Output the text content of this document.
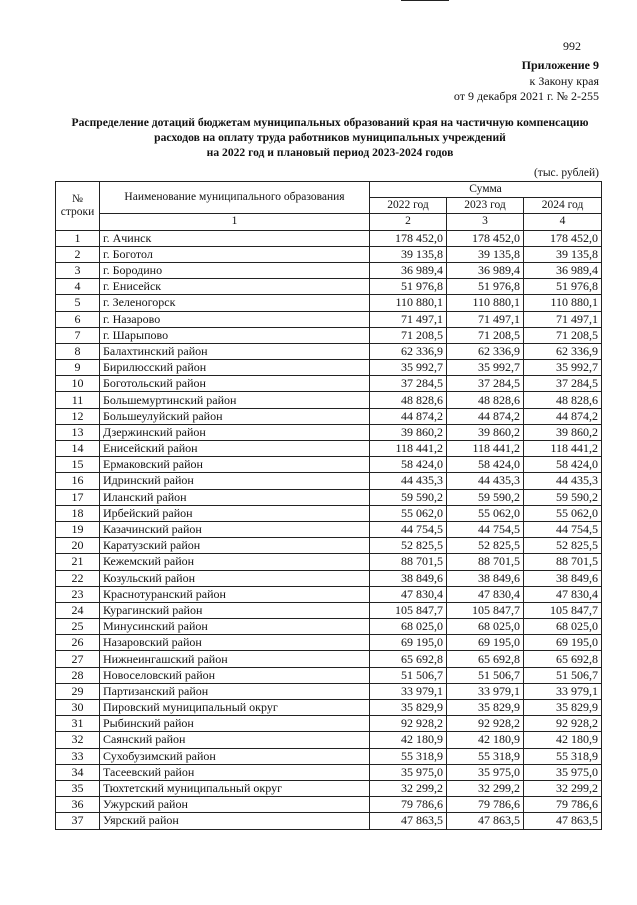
992
Приложение 9
к Закону края
от 9 декабря 2021 г. № 2-255
Распределение дотаций бюджетам муниципальных образований края на частичную компенсацию
расходов на оплату труда работников муниципальных учреждений
на 2022 год и плановый период 2023-2024 годов
(тыс. рублей)
№ строки	Наименование муниципального образования	Сумма		
		2022 год	2023 год	2024 год
	1	2	3	4
1	г. Ачинск	178 452,0	178 452,0	178 452,0
2	г. Боготол	39 135,8	39 135,8	39 135,8
3	г. Бородино	36 989,4	36 989,4	36 989,4
4	г. Енисейск	51 976,8	51 976,8	51 976,8
5	г. Зеленогорск	110 880,1	110 880,1	110 880,1
6	г. Назарово	71 497,1	71 497,1	71 497,1
7	г. Шарыпово	71 208,5	71 208,5	71 208,5
8	Балахтинский район	62 336,9	62 336,9	62 336,9
9	Бирилюсский район	35 992,7	35 992,7	35 992,7
10	Боготольский район	37 284,5	37 284,5	37 284,5
11	Большемуртинский район	48 828,6	48 828,6	48 828,6
12	Большеулуйский район	44 874,2	44 874,2	44 874,2
13	Дзержинский район	39 860,2	39 860,2	39 860,2
14	Енисейский район	118 441,2	118 441,2	118 441,2
15	Ермаковский район	58 424,0	58 424,0	58 424,0
16	Идринский район	44 435,3	44 435,3	44 435,3
17	Иланский район	59 590,2	59 590,2	59 590,2
18	Ирбейский район	55 062,0	55 062,0	55 062,0
19	Казачинский район	44 754,5	44 754,5	44 754,5
20	Каратузский район	52 825,5	52 825,5	52 825,5
21	Кежемский район	88 701,5	88 701,5	88 701,5
22	Козульский район	38 849,6	38 849,6	38 849,6
23	Краснотуранский район	47 830,4	47 830,4	47 830,4
24	Курагинский район	105 847,7	105 847,7	105 847,7
25	Минусинский район	68 025,0	68 025,0	68 025,0
26	Назаровский район	69 195,0	69 195,0	69 195,0
27	Нижнеингашский район	65 692,8	65 692,8	65 692,8
28	Новоселовский район	51 506,7	51 506,7	51 506,7
29	Партизанский район	33 979,1	33 979,1	33 979,1
30	Пировский муниципальный округ	35 829,9	35 829,9	35 829,9
31	Рыбинский район	92 928,2	92 928,2	92 928,2
32	Саянский район	42 180,9	42 180,9	42 180,9
33	Сухобузимский район	55 318,9	55 318,9	55 318,9
34	Тасеевский район	35 975,0	35 975,0	35 975,0
35	Тюхтетский муниципальный округ	32 299,2	32 299,2	32 299,2
36	Ужурский район	79 786,6	79 786,6	79 786,6
37	Уярский район	47 863,5	47 863,5	47 863,5
